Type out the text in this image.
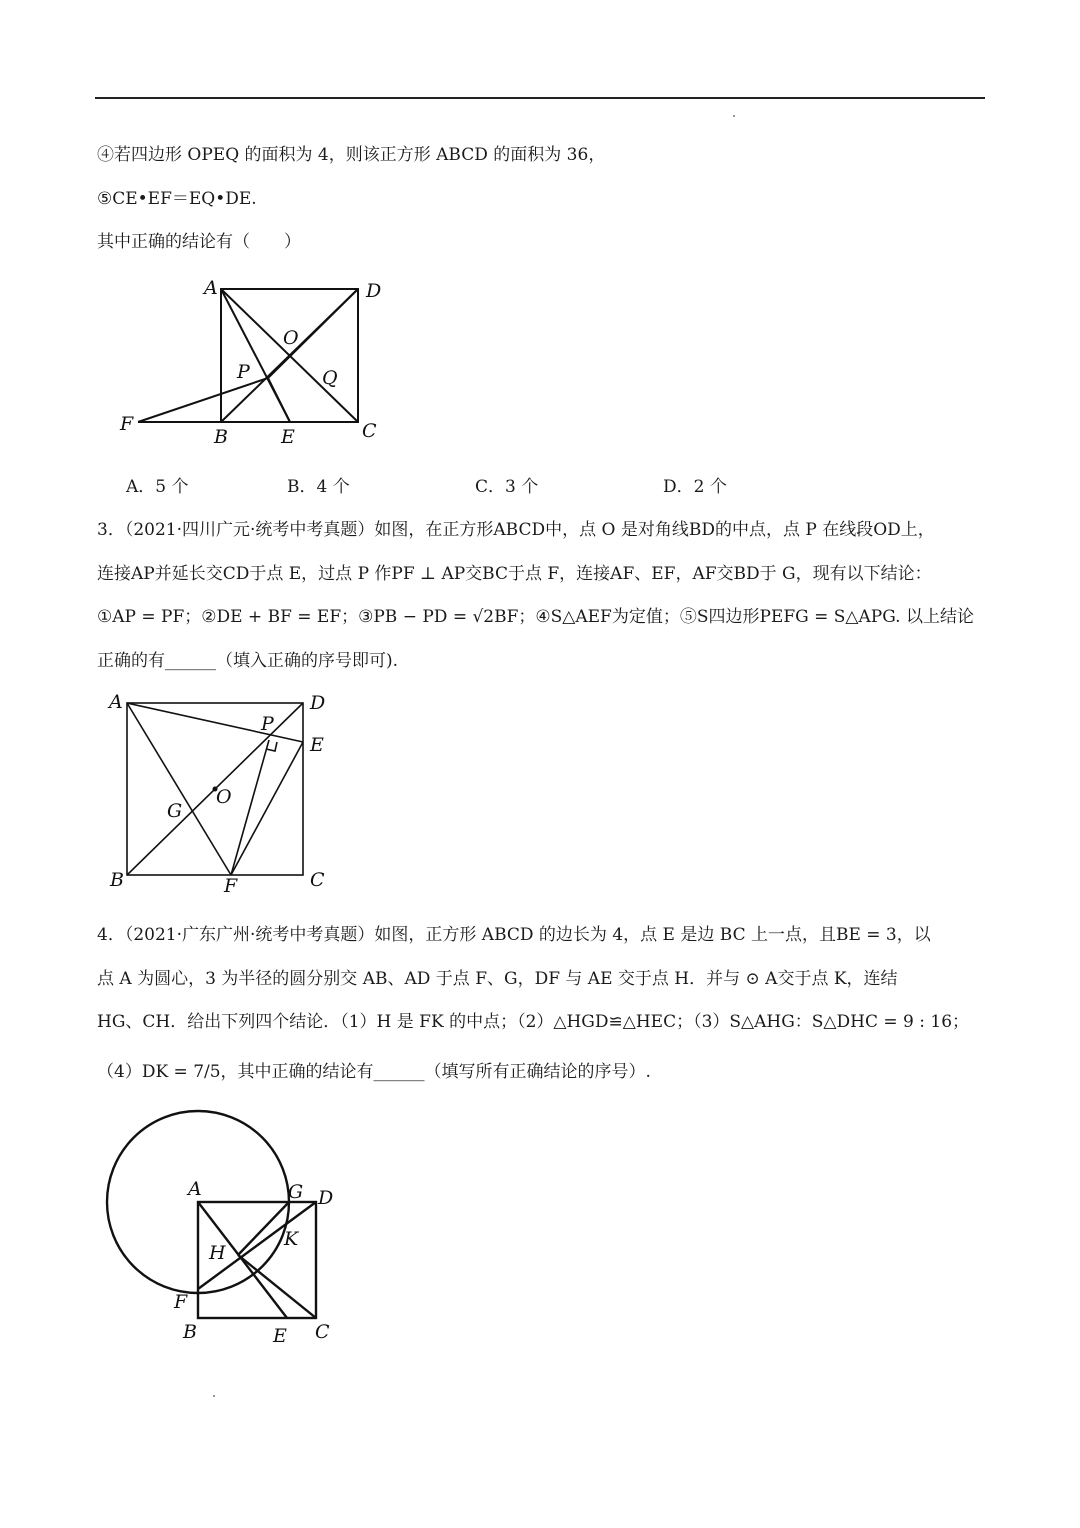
④若四边形 OPEQ 的面积为 4，则该正方形 ABCD 的面积为 36，
⑤CE•EF＝EQ•DE.
其中正确的结论有（　　）
A	D
O
P	Q
F
B	E	C
A．5 个	B．4 个	C．3 个	D．2 个
3．（2021·四川广元·统考中考真题）如图，在正方形ABCD中，点 O 是对角线BD的中点，点 P 在线段OD上，
连接AP并延长交CD于点 E，过点 P 作PF ⊥ AP交BC于点 F，连接AF、EF，AF交BD于 G，现有以下结论：
①AP = PF；②DE + BF = EF；③PB − PD = √2BF；④S△AEF为定值；⑤S四边形PEFG = S△APG. 以上结论
正确的有______（填入正确的序号即可).
A	D
P
E
O
G
B	F	C
4．（2021·广东广州·统考中考真题）如图，正方形 ABCD 的边长为 4，点 E 是边 BC 上一点，且BE = 3，以
点 A 为圆心，3 为半径的圆分别交 AB、AD 于点 F、G，DF 与 AE 交于点 H．并与 ⊙ A交于点 K，连结
HG、CH．给出下列四个结论．（1）H 是 FK 的中点；（2）△HGD≌△HEC；（3）S△AHG：S△DHC = 9 : 16；
（4）DK = 7/5，其中正确的结论有______（填写所有正确结论的序号）.
A	G D
H
K
F
B	E C
